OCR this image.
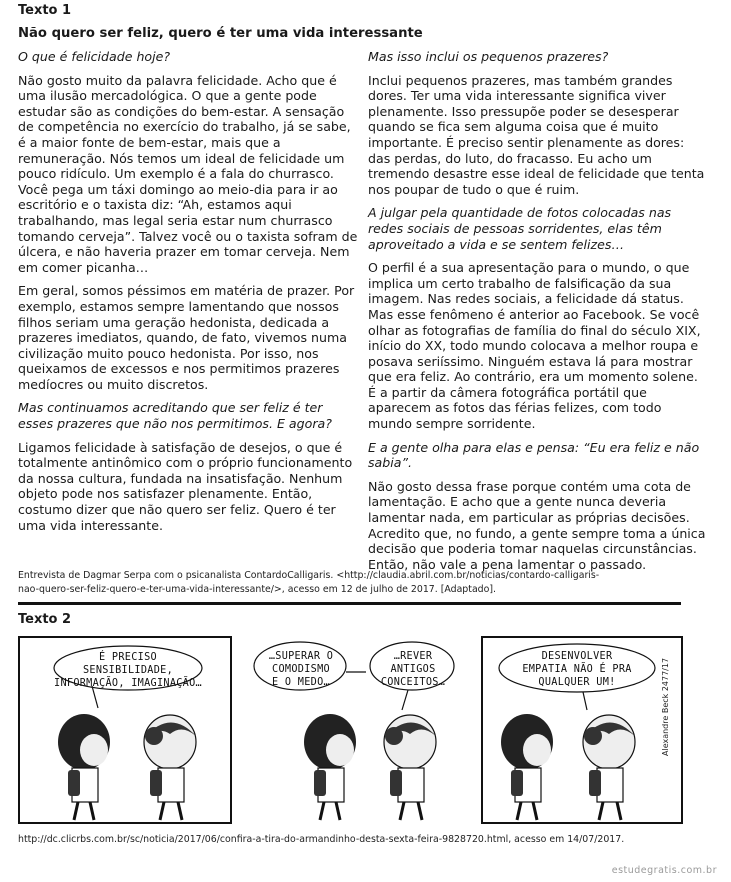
Texto 1
Não quero ser feliz, quero é ter uma vida interessante

O que é felicidade hoje?

Não gosto muito da palavra felicidade. Acho que é uma ilusão mercadológica. O que a gente pode estudar são as condições do bem-estar. A sensação de competência no exercício do trabalho, já se sabe, é a maior fonte de bem-estar, mais que a remuneração. Nós temos um ideal de felicidade um pouco ridículo. Um exemplo é a fala do churrasco. Você pega um táxi domingo ao meio-dia para ir ao escritório e o taxista diz: “Ah, estamos aqui trabalhando, mas legal seria estar num churrasco tomando cerveja”. Talvez você ou o taxista sofram de úlcera, e não haveria prazer em tomar cerveja. Nem em comer picanha…

Em geral, somos péssimos em matéria de prazer. Por exemplo, estamos sempre lamentando que nossos filhos seriam uma geração hedonista, dedicada a prazeres imediatos, quando, de fato, vivemos numa civilização muito pouco hedonista. Por isso, nos queixamos de excessos e nos permitimos prazeres medíocres ou muito discretos.

Mas continuamos acreditando que ser feliz é ter esses prazeres que não nos permitimos. E agora?

Ligamos felicidade à satisfação de desejos, o que é totalmente antinômico com o próprio funcionamento da nossa cultura, fundada na insatisfação. Nenhum objeto pode nos satisfazer plenamente. Então, costumo dizer que não quero ser feliz. Quero é ter uma vida interessante.

Mas isso inclui os pequenos prazeres?

Inclui pequenos prazeres, mas também grandes dores. Ter uma vida interessante significa viver plenamente. Isso pressupõe poder se desesperar quando se fica sem alguma coisa que é muito importante. É preciso sentir plenamente as dores: das perdas, do luto, do fracasso. Eu acho um tremendo desastre esse ideal de felicidade que tenta nos poupar de tudo o que é ruim.

A julgar pela quantidade de fotos colocadas nas redes sociais de pessoas sorridentes, elas têm aproveitado a vida e se sentem felizes…

O perfil é a sua apresentação para o mundo, o que implica um certo trabalho de falsificação da sua imagem. Nas redes sociais, a felicidade dá status. Mas esse fenômeno é anterior ao Facebook. Se você olhar as fotografias de família do final do século XIX, início do XX, todo mundo colocava a melhor roupa e posava seriíssimo. Ninguém estava lá para mostrar que era feliz. Ao contrário, era um momento solene. É a partir da câmera fotográfica portátil que aparecem as fotos das férias felizes, com todo mundo sempre sorridente.

E a gente olha para elas e pensa: “Eu era feliz e não sabia”.

Não gosto dessa frase porque contém uma cota de lamentação. E acho que a gente nunca deveria lamentar nada, em particular as próprias decisões. Acredito que, no fundo, a gente sempre toma a única decisão que poderia tomar naquelas circunstâncias. Então, não vale a pena lamentar o passado.

Entrevista de Dagmar Serpa com o psicanalista ContardoCalligaris. <http://claudia.abril.com.br/noticias/contardo-calligaris-nao-quero-ser-feliz-quero-e-ter-uma-vida-interessante/>, acesso em 12 de julho de 2017. [Adaptado].
Texto 2
É PRECISO SENSIBILIDADE,
INFORMAÇÃO, IMAGINAÇÃO…
…SUPERAR O
COMODISMO
E O MEDO…
…REVER
ANTIGOS
CONCEITOS…
DESENVOLVER
EMPATIA NÃO É PRA
QUALQUER UM!	Alexandre Beck 2477/17
http://dc.clicrbs.com.br/sc/noticia/2017/06/confira-a-tira-do-armandinho-desta-sexta-feira-9828720.html, acesso em 14/07/2017.
estudegratis.com.br
